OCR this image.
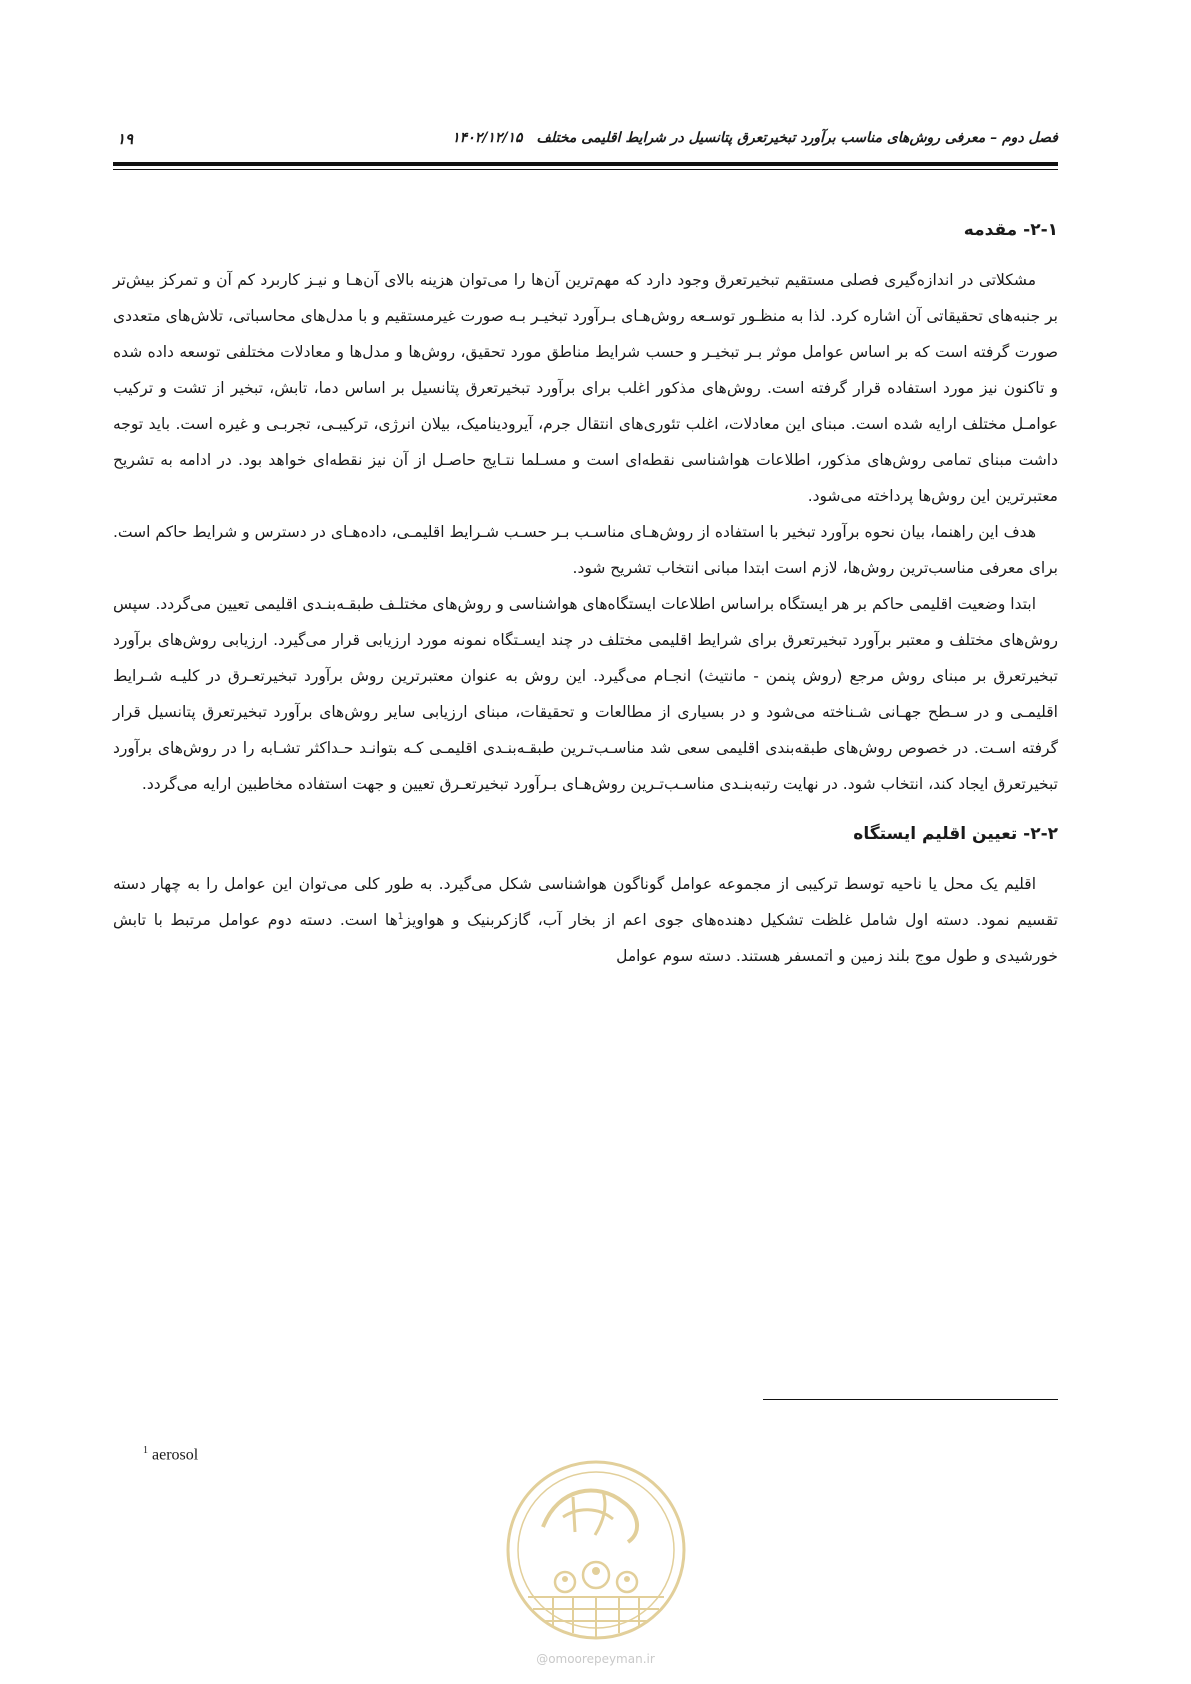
فصل دوم – معرفی روش‌های مناسب برآورد تبخیرتعرق پتانسیل در شرایط اقلیمی مختلف۱۴۰۲/۱۲/۱۵
۱۹
۲-۱- مقدمه

مشکلاتی در اندازه‌گیری فصلی مستقیم تبخیرتعرق وجود دارد که مهم‌ترین آن‌ها را می‌توان هزینه بالای آن‌هـا و نیـز کاربرد کم آن و تمرکز بیش‌تر بر جنبه‌های تحقیقاتی آن اشاره کرد. لذا به منظـور توسـعه روش‌هـای بـرآورد تبخیـر بـه صورت غیرمستقیم و با مدل‌های محاسباتی، تلاش‌های متعددی صورت گرفته است که بر اساس عوامل موثر بـر تبخیـر و حسب شرایط مناطق مورد تحقیق، روش‌ها و مدل‌ها و معادلات مختلفی توسعه داده شده و تاکنون نیز مورد استفاده قرار گرفته است. روش‌های مذکور اغلب برای برآورد تبخیرتعرق پتانسیل بر اساس دما، تابش، تبخیر از تشت و ترکیب عوامـل مختلف ارایه شده است. مبنای این معادلات، اغلب تئوری‌های انتقال جرم، آیرودینامیک، بیلان انرژی، ترکیبـی، تجربـی و غیره است. باید توجه داشت مبنای تمامی روش‌های مذکور، اطلاعات هواشناسی نقطه‌ای است و مسـلما نتـایج حاصـل از آن نیز نقطه‌ای خواهد بود. در ادامه به تشریح معتبرترین این روش‌ها پرداخته می‌شود.

هدف این راهنما، بیان نحوه برآورد تبخیر با استفاده از روش‌هـای مناسـب بـر حسـب شـرایط اقلیمـی، داده‌هـای در دسترس و شرایط حاکم است. برای معرفی مناسب‌ترین روش‌ها، لازم است ابتدا مبانی انتخاب تشریح شود.

ابتدا وضعیت اقلیمی حاکم بر هر ایستگاه براساس اطلاعات ایستگاه‌های هواشناسی و روش‌های مختلـف طبقـه‌بنـدی اقلیمی تعیین می‌گردد. سپس روش‌های مختلف و معتبر برآورد تبخیرتعرق برای شرایط اقلیمی مختلف در چند ایسـتگاه نمونه مورد ارزیابی قرار می‌گیرد. ارزیابی روش‌های برآورد تبخیرتعرق بر مبنای روش مرجع (روش پنمن - مانتیث) انجـام می‌گیرد. این روش به عنوان معتبرترین روش برآورد تبخیرتعـرق در کلیـه شـرایط اقلیمـی و در سـطح جهـانی شـناخته می‌شود و در بسیاری از مطالعات و تحقیقات، مبنای ارزیابی سایر روش‌های برآورد تبخیرتعرق پتانسیل قرار گرفته اسـت. در خصوص روش‌های طبقه‌بندی اقلیمی سعی شد مناسـب‌تـرین طبقـه‌بنـدی اقلیمـی کـه بتوانـد حـداکثر تشـابه را در روش‌های برآورد تبخیرتعرق ایجاد کند، انتخاب شود. در نهایت رتبه‌بنـدی مناسـب‌تـرین روش‌هـای بـرآورد تبخیرتعـرق تعیین و جهت استفاده مخاطبین ارایه می‌گردد.

۲-۲- تعیین اقلیم ایستگاه

اقلیم یک محل یا ناحیه توسط ترکیبی از مجموعه عوامل گوناگون هواشناسی شکل می‌گیرد. به طور کلی می‌توان این عوامل را به چهار دسته تقسیم نمود. دسته اول شامل غلظت تشکیل دهنده‌های جوی اعم از بخار آب، گازکربنیک و هواویز$^1$ها است. دسته دوم عوامل مرتبط با تابش خورشیدی و طول موج بلند زمین و اتمسفر هستند. دسته سوم عوامل

$^1$ aerosol
@omoorepeyman.ir
